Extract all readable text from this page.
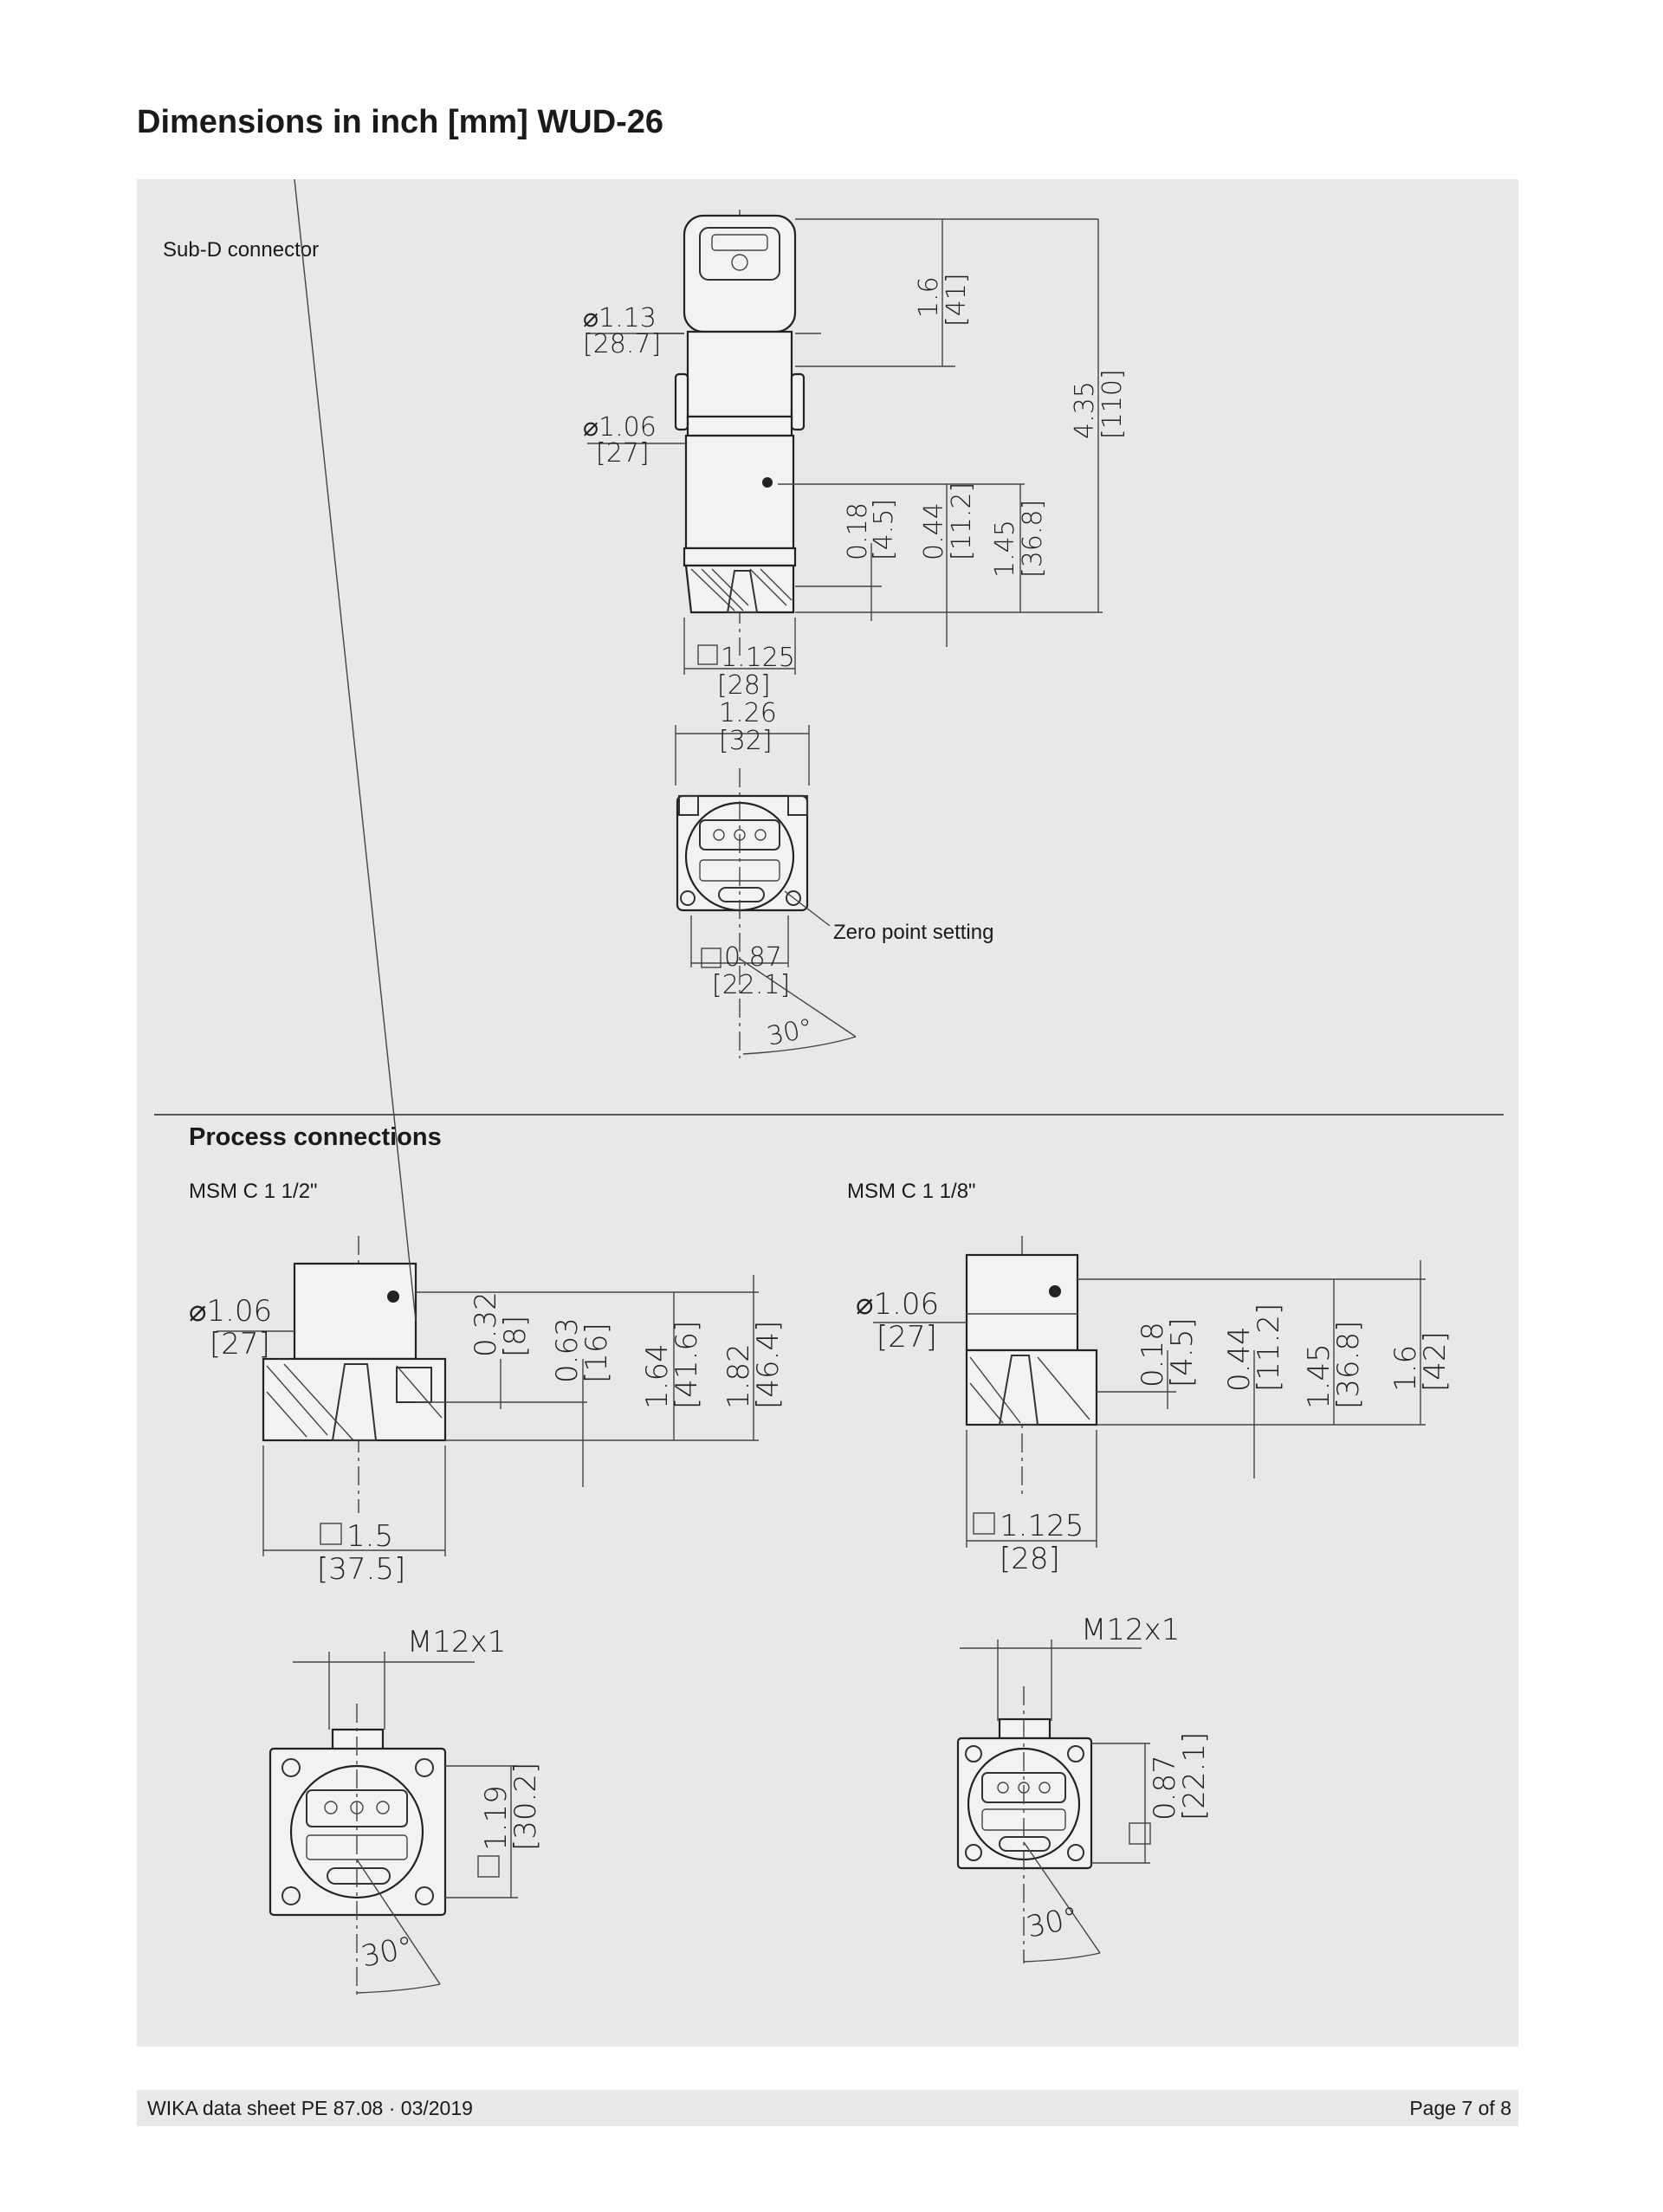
Dimensions in inch [mm] WUD-26
Sub-D connector
Zero point setting
Process connections
MSM C 1 1/2"	MSM C 1 1/8"
⌀1.13
[28.7]
⌀1.06
[27]
1.6
[41]
4.35
[110]
0.18
[4.5] 0.44
[11.2] 1.45
[36.8]
1.125
[28]
1.26
[32]
0.87
[22.1]
30°
⌀1.06
[27]	0.32
[8] 0.63
[16] 1.64
[41.6] 1.82
[46.4]
1.5
[37.5]
M12x1
1.19
[30.2]
30°
⌀1.06
[27]	0.18
[4.5] 0.44
[11.2] 1.45
[36.8] 1.6
[42]
1.125
[28]
M12x1
0.87
[22.1]
30°
WIKA data sheet PE 87.08 · 03/2019	Page 7 of 8
